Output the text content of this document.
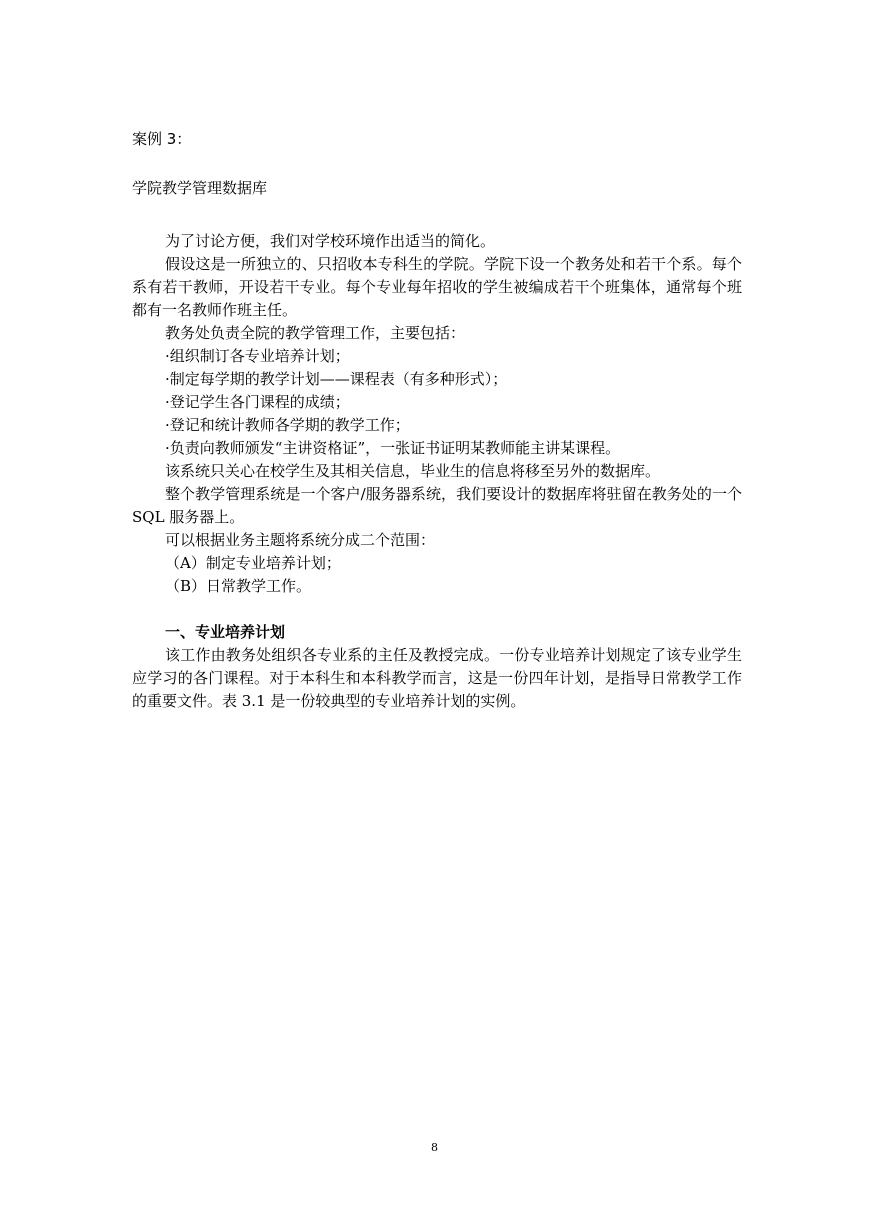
案例 3：
学院教学管理数据库

为了讨论方便，我们对学校环境作出适当的简化。

假设这是一所独立的、只招收本专科生的学院。学院下设一个教务处和若干个系。每个系有若干教师，开设若干专业。每个专业每年招收的学生被编成若干个班集体，通常每个班都有一名教师作班主任。

教务处负责全院的教学管理工作，主要包括：

·组织制订各专业培养计划；

·制定每学期的教学计划——课程表（有多种形式）；

·登记学生各门课程的成绩；

·登记和统计教师各学期的教学工作；

·负责向教师颁发“主讲资格证”，一张证书证明某教师能主讲某课程。

该系统只关心在校学生及其相关信息，毕业生的信息将移至另外的数据库。

整个教学管理系统是一个客户/服务器系统，我们要设计的数据库将驻留在教务处的一个 SQL 服务器上。

可以根据业务主题将系统分成二个范围：

（A）制定专业培养计划；

（B）日常教学工作。

一、专业培养计划

该工作由教务处组织各专业系的主任及教授完成。一份专业培养计划规定了该专业学生应学习的各门课程。对于本科生和本科教学而言，这是一份四年计划，是指导日常教学工作的重要文件。表 3.1 是一份较典型的专业培养计划的实例。

8
